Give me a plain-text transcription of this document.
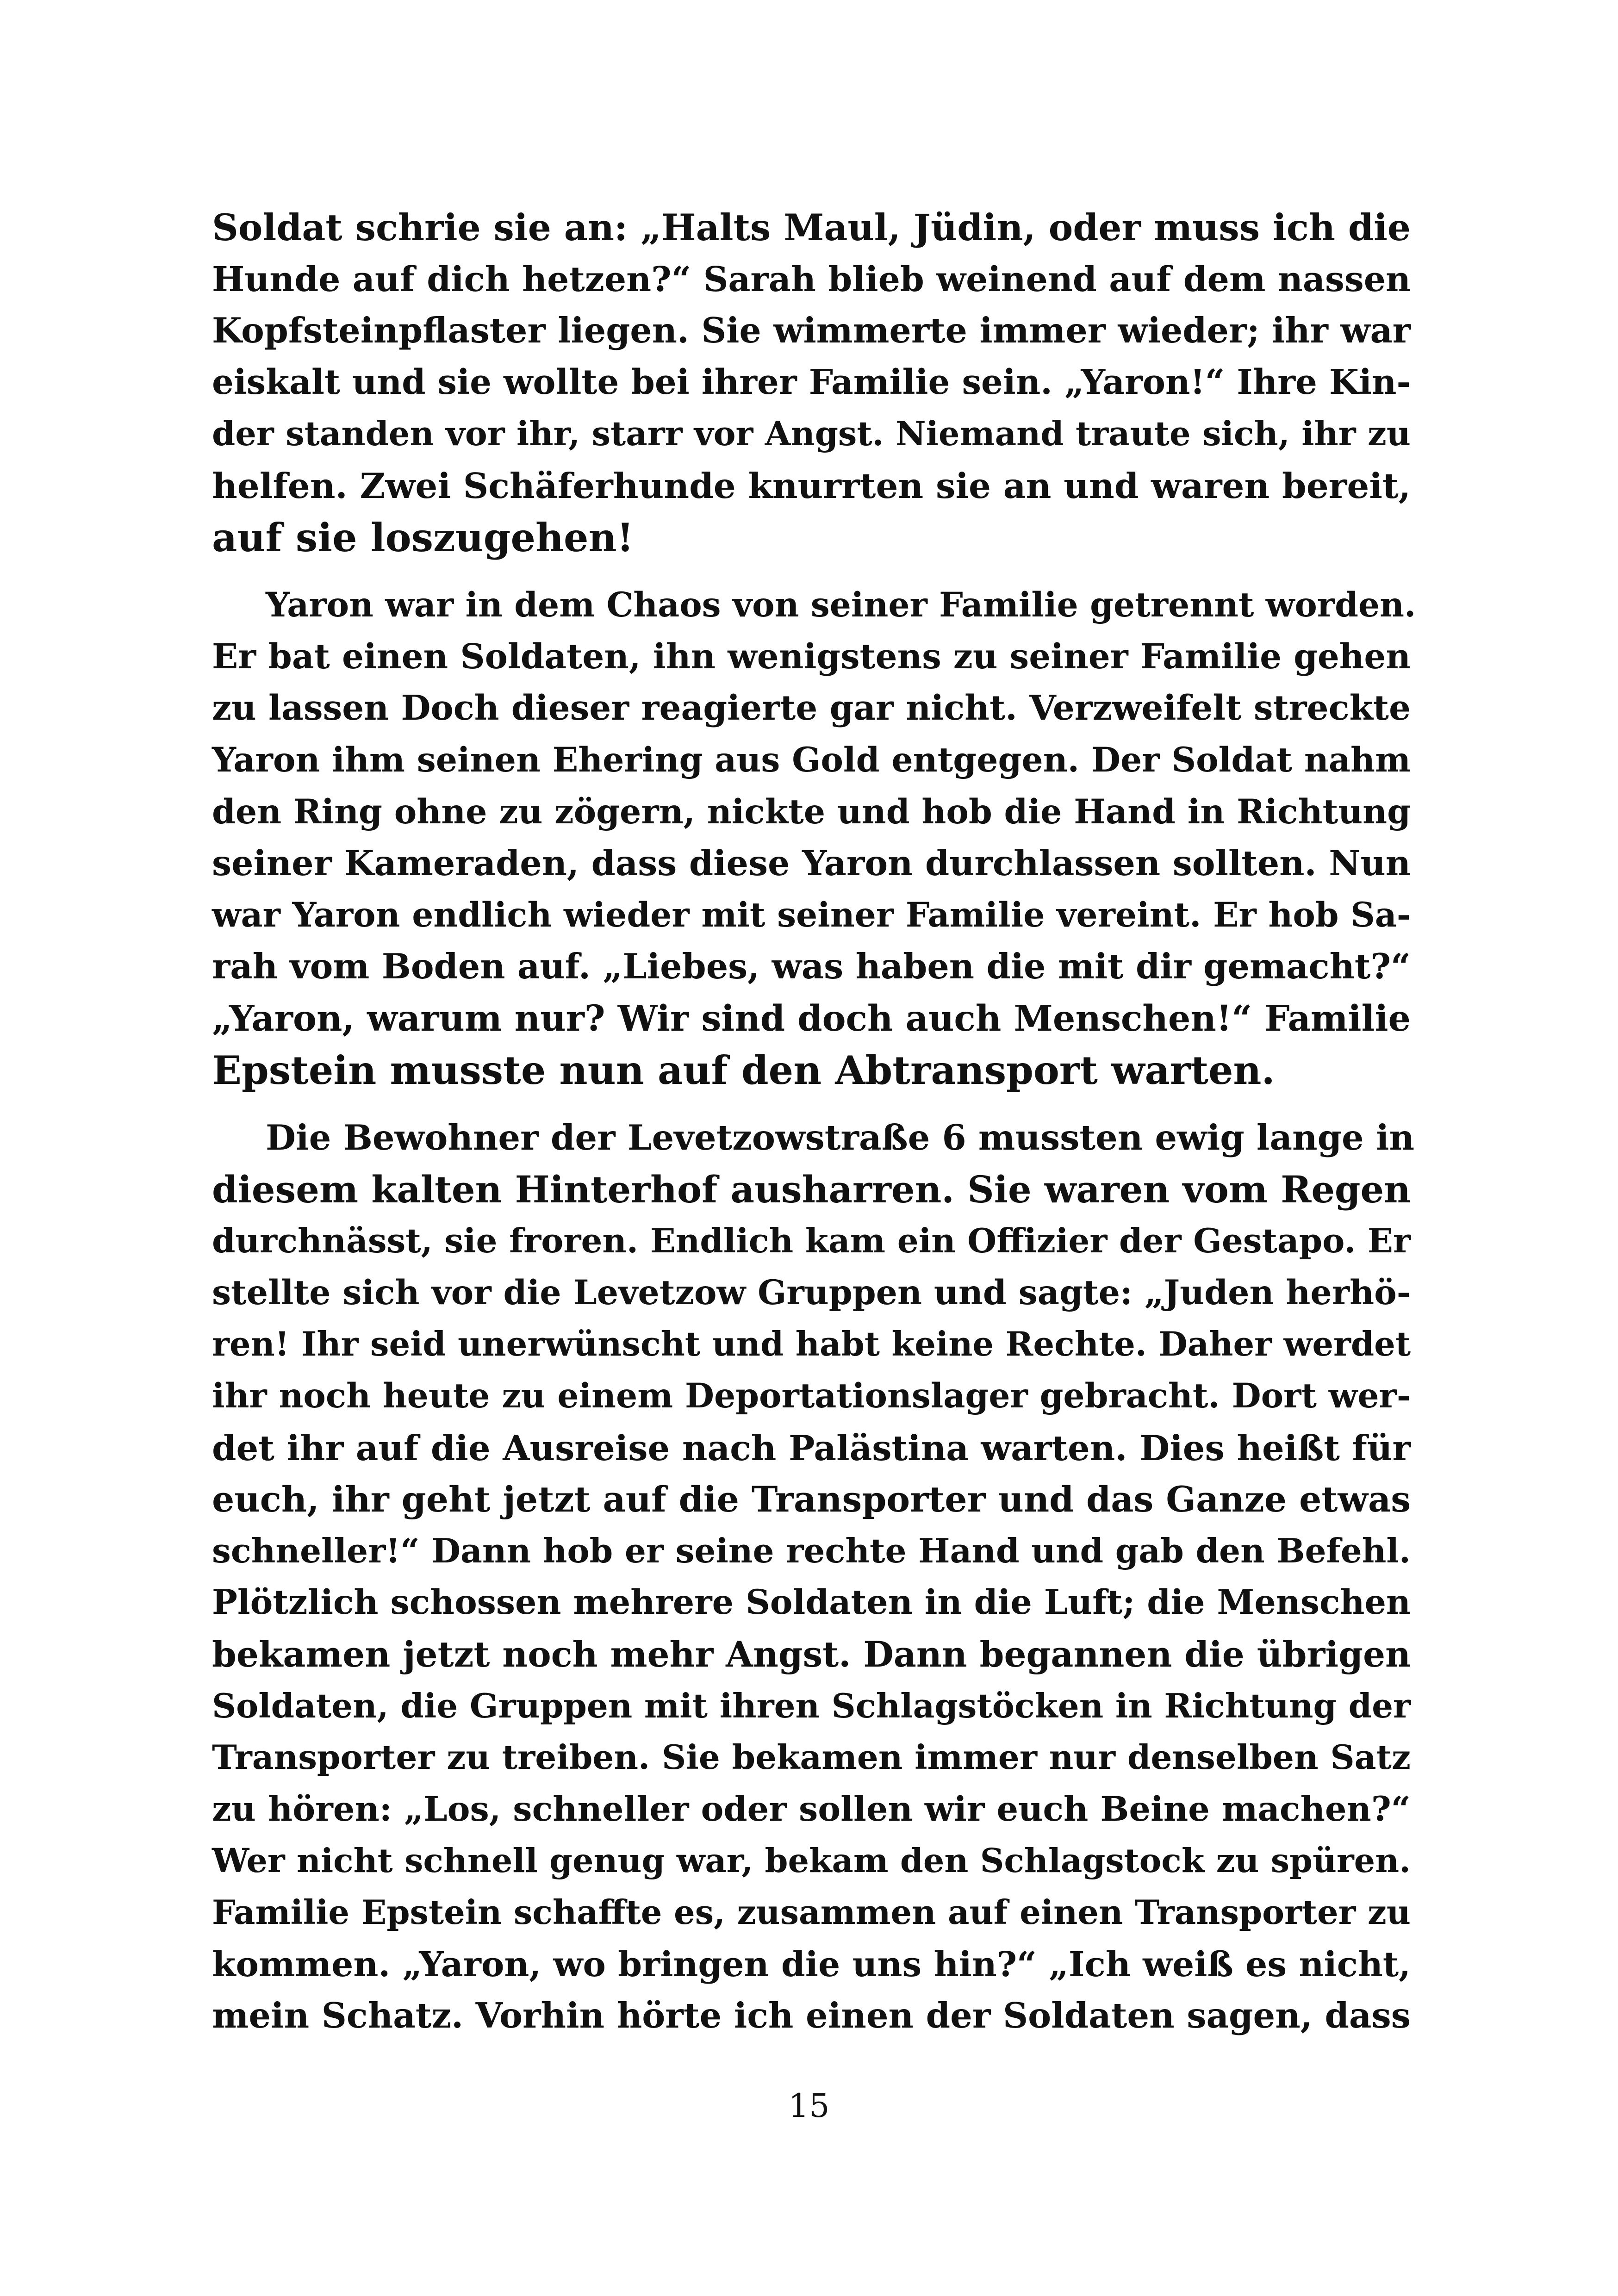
Soldat schrie sie an: „Halts Maul, Jüdin, oder muss ich die
Hunde auf dich hetzen?“ Sarah blieb weinend auf dem nassen
Kopfsteinpflaster liegen. Sie wimmerte immer wieder; ihr war
eiskalt und sie wollte bei ihrer Familie sein. „Yaron!“ Ihre Kin-
der standen vor ihr, starr vor Angst. Niemand traute sich, ihr zu
helfen. Zwei Schäferhunde knurrten sie an und waren bereit,
auf sie loszugehen!
Yaron war in dem Chaos von seiner Familie getrennt worden.
Er bat einen Soldaten, ihn wenigstens zu seiner Familie gehen
zu lassen Doch dieser reagierte gar nicht. Verzweifelt streckte
Yaron ihm seinen Ehering aus Gold entgegen. Der Soldat nahm
den Ring ohne zu zögern, nickte und hob die Hand in Richtung
seiner Kameraden, dass diese Yaron durchlassen sollten. Nun
war Yaron endlich wieder mit seiner Familie vereint. Er hob Sa-
rah vom Boden auf. „Liebes, was haben die mit dir gemacht?“
„Yaron, warum nur? Wir sind doch auch Menschen!“ Familie
Epstein musste nun auf den Abtransport warten.
Die Bewohner der Levetzowstraße 6 mussten ewig lange in
diesem kalten Hinterhof ausharren. Sie waren vom Regen
durchnässt, sie froren. Endlich kam ein Offizier der Gestapo. Er
stellte sich vor die Levetzow Gruppen und sagte: „Juden herhö-
ren! Ihr seid unerwünscht und habt keine Rechte. Daher werdet
ihr noch heute zu einem Deportationslager gebracht. Dort wer-
det ihr auf die Ausreise nach Palästina warten. Dies heißt für
euch, ihr geht jetzt auf die Transporter und das Ganze etwas
schneller!“ Dann hob er seine rechte Hand und gab den Befehl.
Plötzlich schossen mehrere Soldaten in die Luft; die Menschen
bekamen jetzt noch mehr Angst. Dann begannen die übrigen
Soldaten, die Gruppen mit ihren Schlagstöcken in Richtung der
Transporter zu treiben. Sie bekamen immer nur denselben Satz
zu hören: „Los, schneller oder sollen wir euch Beine machen?“
Wer nicht schnell genug war, bekam den Schlagstock zu spüren.
Familie Epstein schaffte es, zusammen auf einen Transporter zu
kommen. „Yaron, wo bringen die uns hin?“ „Ich weiß es nicht,
mein Schatz. Vorhin hörte ich einen der Soldaten sagen, dass
15
